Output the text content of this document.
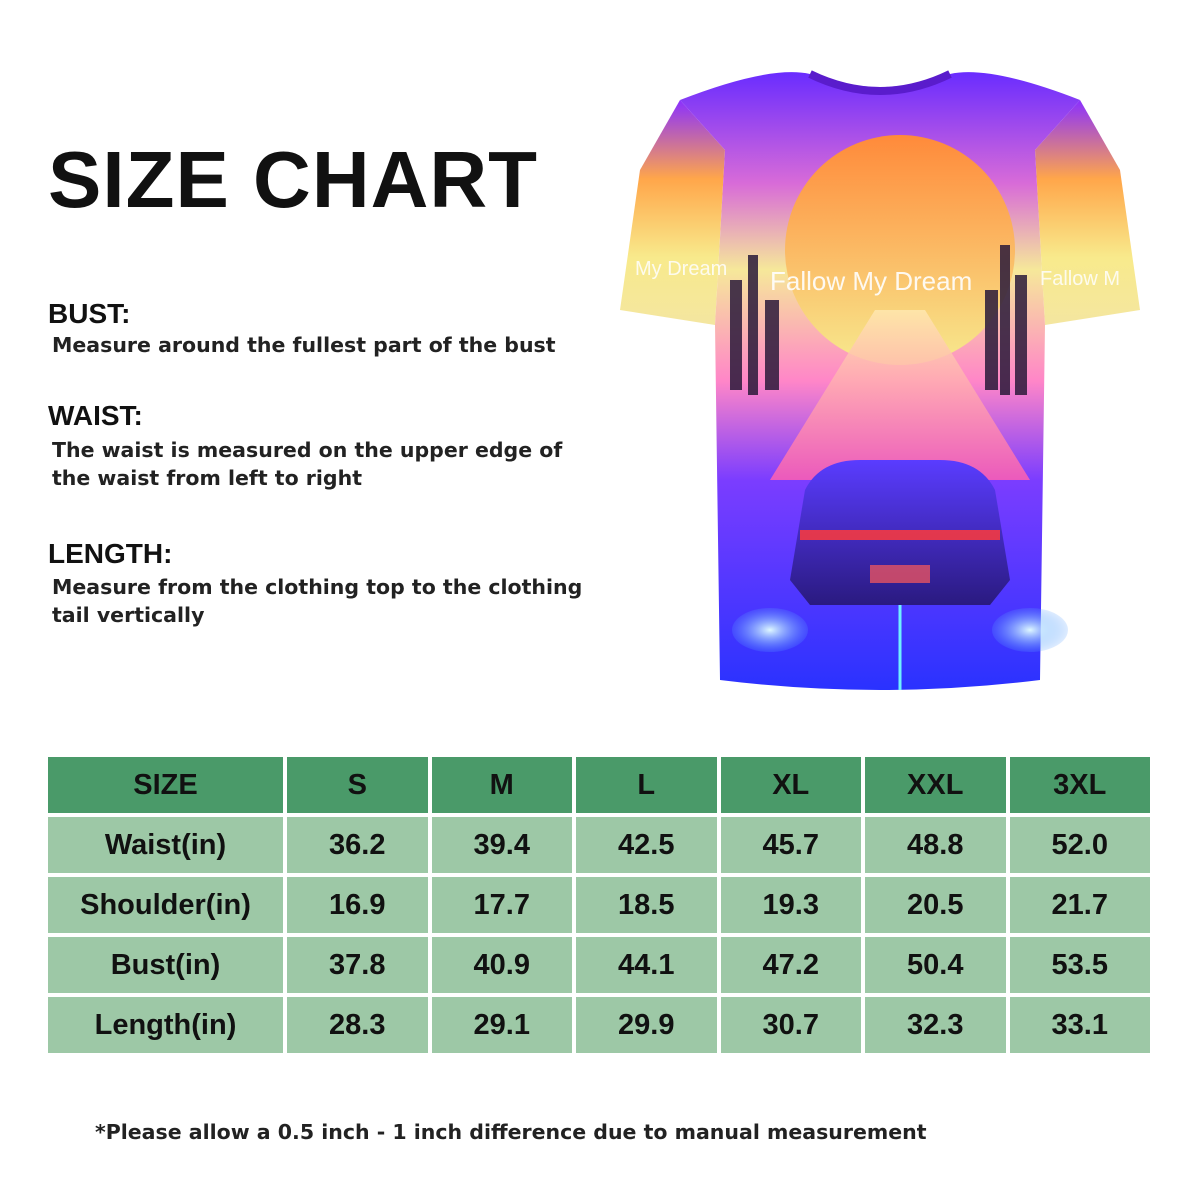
SIZE CHART
BUST:
Measure around the fullest part of the bust
WAIST:
The waist is measured on the upper edge of
the waist from left to right
LENGTH:
Measure from the clothing top to the clothing
tail vertically
Fallow My Dream
My Dream	Fallow M
SIZE	S	M	L	XL	XXL	3XL
Waist(in)	36.2	39.4	42.5	45.7	48.8	52.0
Shoulder(in)	16.9	17.7	18.5	19.3	20.5	21.7
Bust(in)	37.8	40.9	44.1	47.2	50.4	53.5
Length(in)	28.3	29.1	29.9	30.7	32.3	33.1
*Please allow a 0.5 inch - 1 inch difference due to manual measurement
